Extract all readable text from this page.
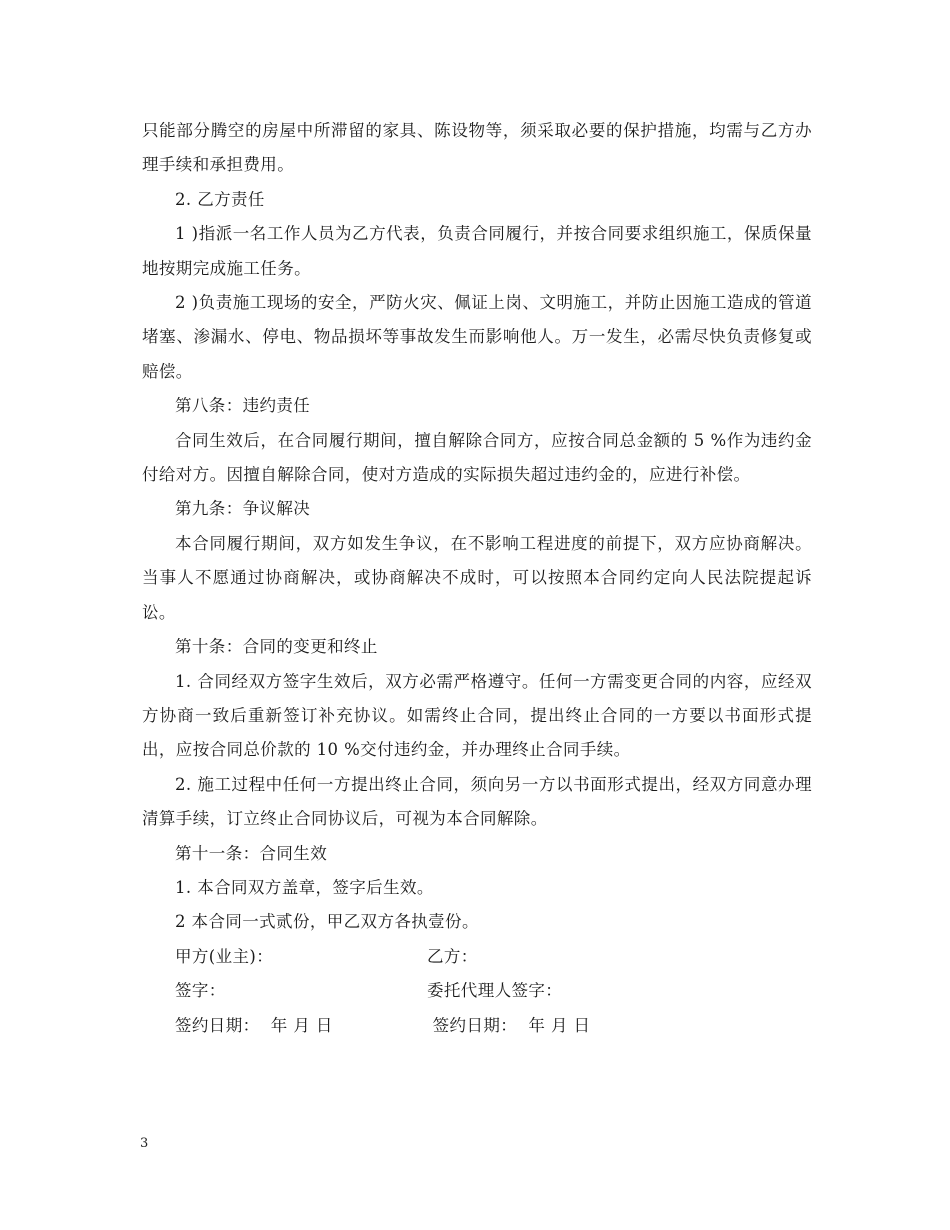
只能部分腾空的房屋中所滞留的家具、陈设物等，须采取必要的保护措施，均需与乙方办理手续和承担费用。

2. 乙方责任

1 )指派一名工作人员为乙方代表，负责合同履行，并按合同要求组织施工，保质保量地按期完成施工任务。

2 )负责施工现场的安全，严防火灾、佩证上岗、文明施工，并防止因施工造成的管道堵塞、渗漏水、停电、物品损坏等事故发生而影响他人。万一发生，必需尽快负责修复或赔偿。

第八条：违约责任

合同生效后，在合同履行期间，擅自解除合同方，应按合同总金额的 5 %作为违约金付给对方。因擅自解除合同，使对方造成的实际损失超过违约金的，应进行补偿。

第九条：争议解决

本合同履行期间，双方如发生争议，在不影响工程进度的前提下，双方应协商解决。当事人不愿通过协商解决，或协商解决不成时，可以按照本合同约定向人民法院提起诉讼。

第十条：合同的变更和终止

1. 合同经双方签字生效后，双方必需严格遵守。任何一方需变更合同的内容，应经双方协商一致后重新签订补充协议。如需终止合同，提出终止合同的一方要以书面形式提出，应按合同总价款的 10 %交付违约金，并办理终止合同手续。

2. 施工过程中任何一方提出终止合同，须向另一方以书面形式提出，经双方同意办理清算手续，订立终止合同协议后，可视为本合同解除。

第十一条：合同生效

1. 本合同双方盖章，签字后生效。

2 本合同一式贰份，甲乙双方各执壹份。

甲方(业主)：	乙方：
签字：	委托代理人签字：
签约日期：  年 月 日	签约日期：  年 月 日
3
